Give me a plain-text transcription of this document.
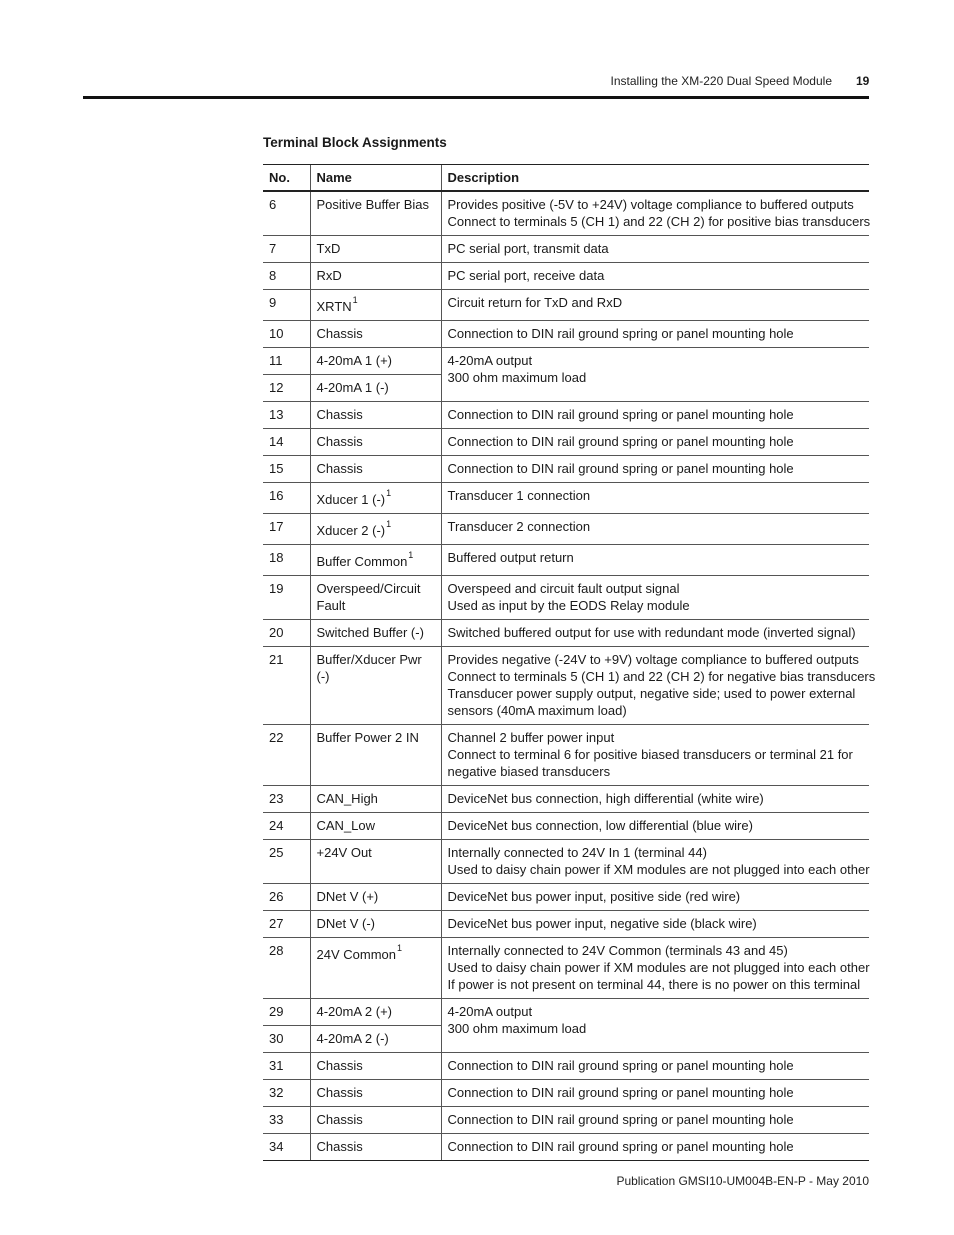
Installing the XM-220 Dual Speed Module 19
Terminal Block Assignments
No.	Name	Description
6	Positive Buffer Bias	Provides positive (-5V to +24V) voltage compliance to buffered outputs
Connect to terminals 5 (CH 1) and 22 (CH 2) for positive bias transducers

7	TxD	PC serial port, transmit data

8	RxD	PC serial port, receive data

9	XRTN$^1$	Circuit return for TxD and RxD

10	Chassis	Connection to DIN rail ground spring or panel mounting hole

11	4-20mA 1 (+)	4-20mA output
300 ohm maximum load

12	4-20mA 1 (-)	
13	Chassis	Connection to DIN rail ground spring or panel mounting hole

14	Chassis	Connection to DIN rail ground spring or panel mounting hole

15	Chassis	Connection to DIN rail ground spring or panel mounting hole

16	Xducer 1 $(-)^1$	Transducer 1 connection

17	Xducer 2 $(-)^1$	Transducer 2 connection

18	Buffer Common$^1$	Buffered output return

19	Overspeed/Circuit Fault	Overspeed and circuit fault output signal
Used as input by the EODS Relay module

20	Switched Buffer (-)	Switched buffered output for use with redundant mode (inverted signal)

21	Buffer/Xducer Pwr (-)	Provides negative (-24V to +9V) voltage compliance to buffered outputs
Connect to terminals 5 (CH 1) and 22 (CH 2) for negative bias transducers
Transducer power supply output, negative side; used to power external
sensors (40mA maximum load)

22	Buffer Power 2 IN	Channel 2 buffer power input
Connect to terminal 6 for positive biased transducers or terminal 21 for
negative biased transducers

23	CAN_High	DeviceNet bus connection, high differential (white wire)

24	CAN_Low	DeviceNet bus connection, low differential (blue wire)

25	+24V Out	Internally connected to 24V In 1 (terminal 44)
Used to daisy chain power if XM modules are not plugged into each other

26	DNet V (+)	DeviceNet bus power input, positive side (red wire)

27	DNet V (-)	DeviceNet bus power input, negative side (black wire)

28	24V Common$^1$	Internally connected to 24V Common (terminals 43 and 45)
Used to daisy chain power if XM modules are not plugged into each other
If power is not present on terminal 44, there is no power on this terminal

29	4-20mA 2 (+)	4-20mA output
300 ohm maximum load

30	4-20mA 2 (-)	
31	Chassis	Connection to DIN rail ground spring or panel mounting hole

32	Chassis	Connection to DIN rail ground spring or panel mounting hole

33	Chassis	Connection to DIN rail ground spring or panel mounting hole

34	Chassis	Connection to DIN rail ground spring or panel mounting hole
Publication GMSI10-UM004B-EN-P - May 2010
